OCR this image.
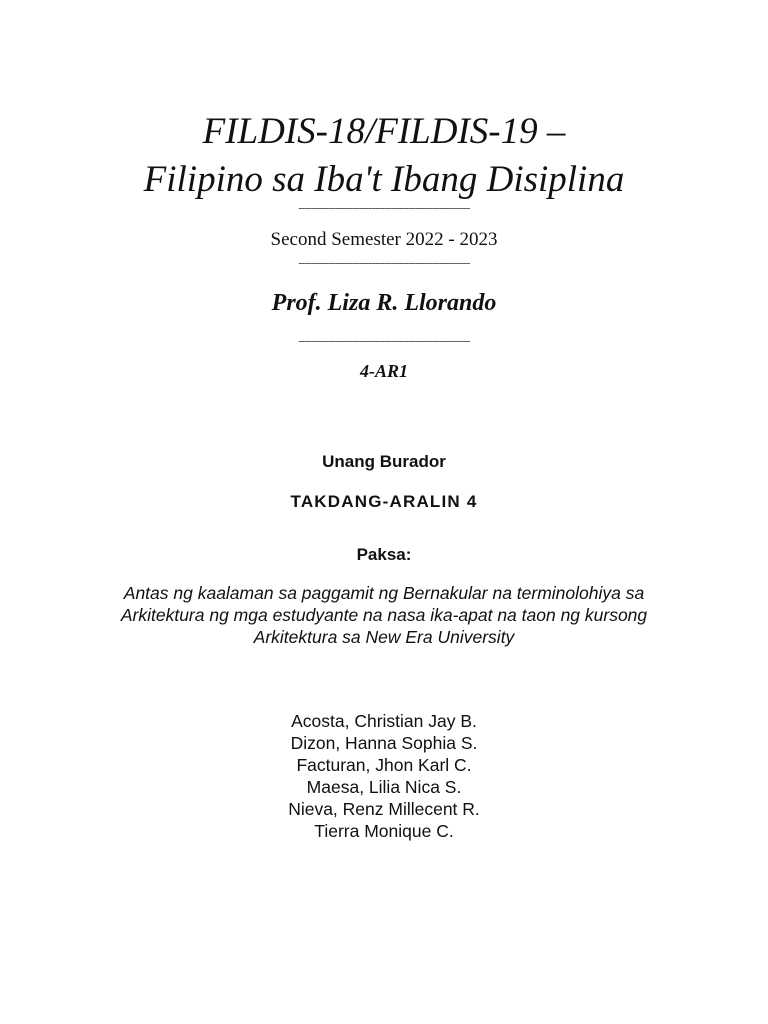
FILDIS-18/FILDIS-19 –
Filipino sa Iba't Ibang Disiplina
--------------------------------------------------------
Second Semester 2022 - 2023
--------------------------------------------------------
Prof. Liza R. Llorando
--------------------------------------------------------
4-AR1
Unang Burador
TAKDANG-ARALIN 4
Paksa:
Antas ng kaalaman sa paggamit ng Bernakular na terminolohiya sa
Arkitektura ng mga estudyante na nasa ika-apat na taon ng kursong
Arkitektura sa New Era University
Acosta, Christian Jay B.
Dizon, Hanna Sophia S.
Facturan, Jhon Karl C.
Maesa, Lilia Nica S.
Nieva, Renz Millecent R.
Tierra Monique C.
